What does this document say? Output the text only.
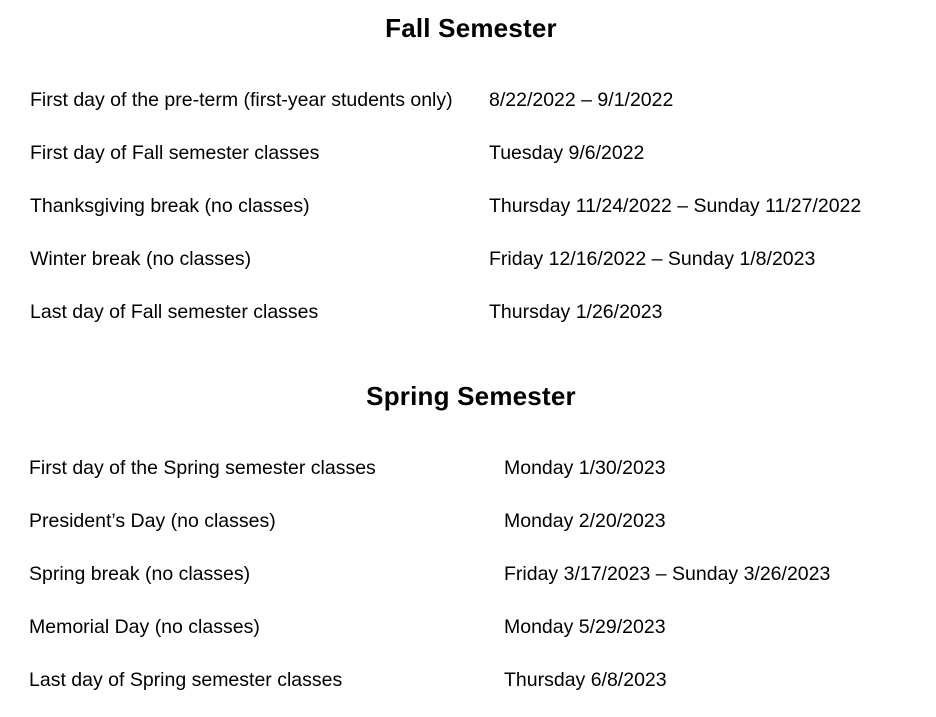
Fall Semester
First day of the pre-term (first-year students only) 8/22/2022 – 9/1/2022
First day of Fall semester classes	Tuesday 9/6/2022
Thanksgiving break (no classes)	Thursday 11/24/2022 – Sunday 11/27/2022
Winter break (no classes)	Friday 12/16/2022 – Sunday 1/8/2023
Last day of Fall semester classes	Thursday 1/26/2023
Spring Semester
First day of the Spring semester classes	Monday 1/30/2023
President’s Day (no classes)	Monday 2/20/2023
Spring break (no classes)	Friday 3/17/2023 – Sunday 3/26/2023
Memorial Day (no classes)	Monday 5/29/2023
Last day of Spring semester classes	Thursday 6/8/2023
